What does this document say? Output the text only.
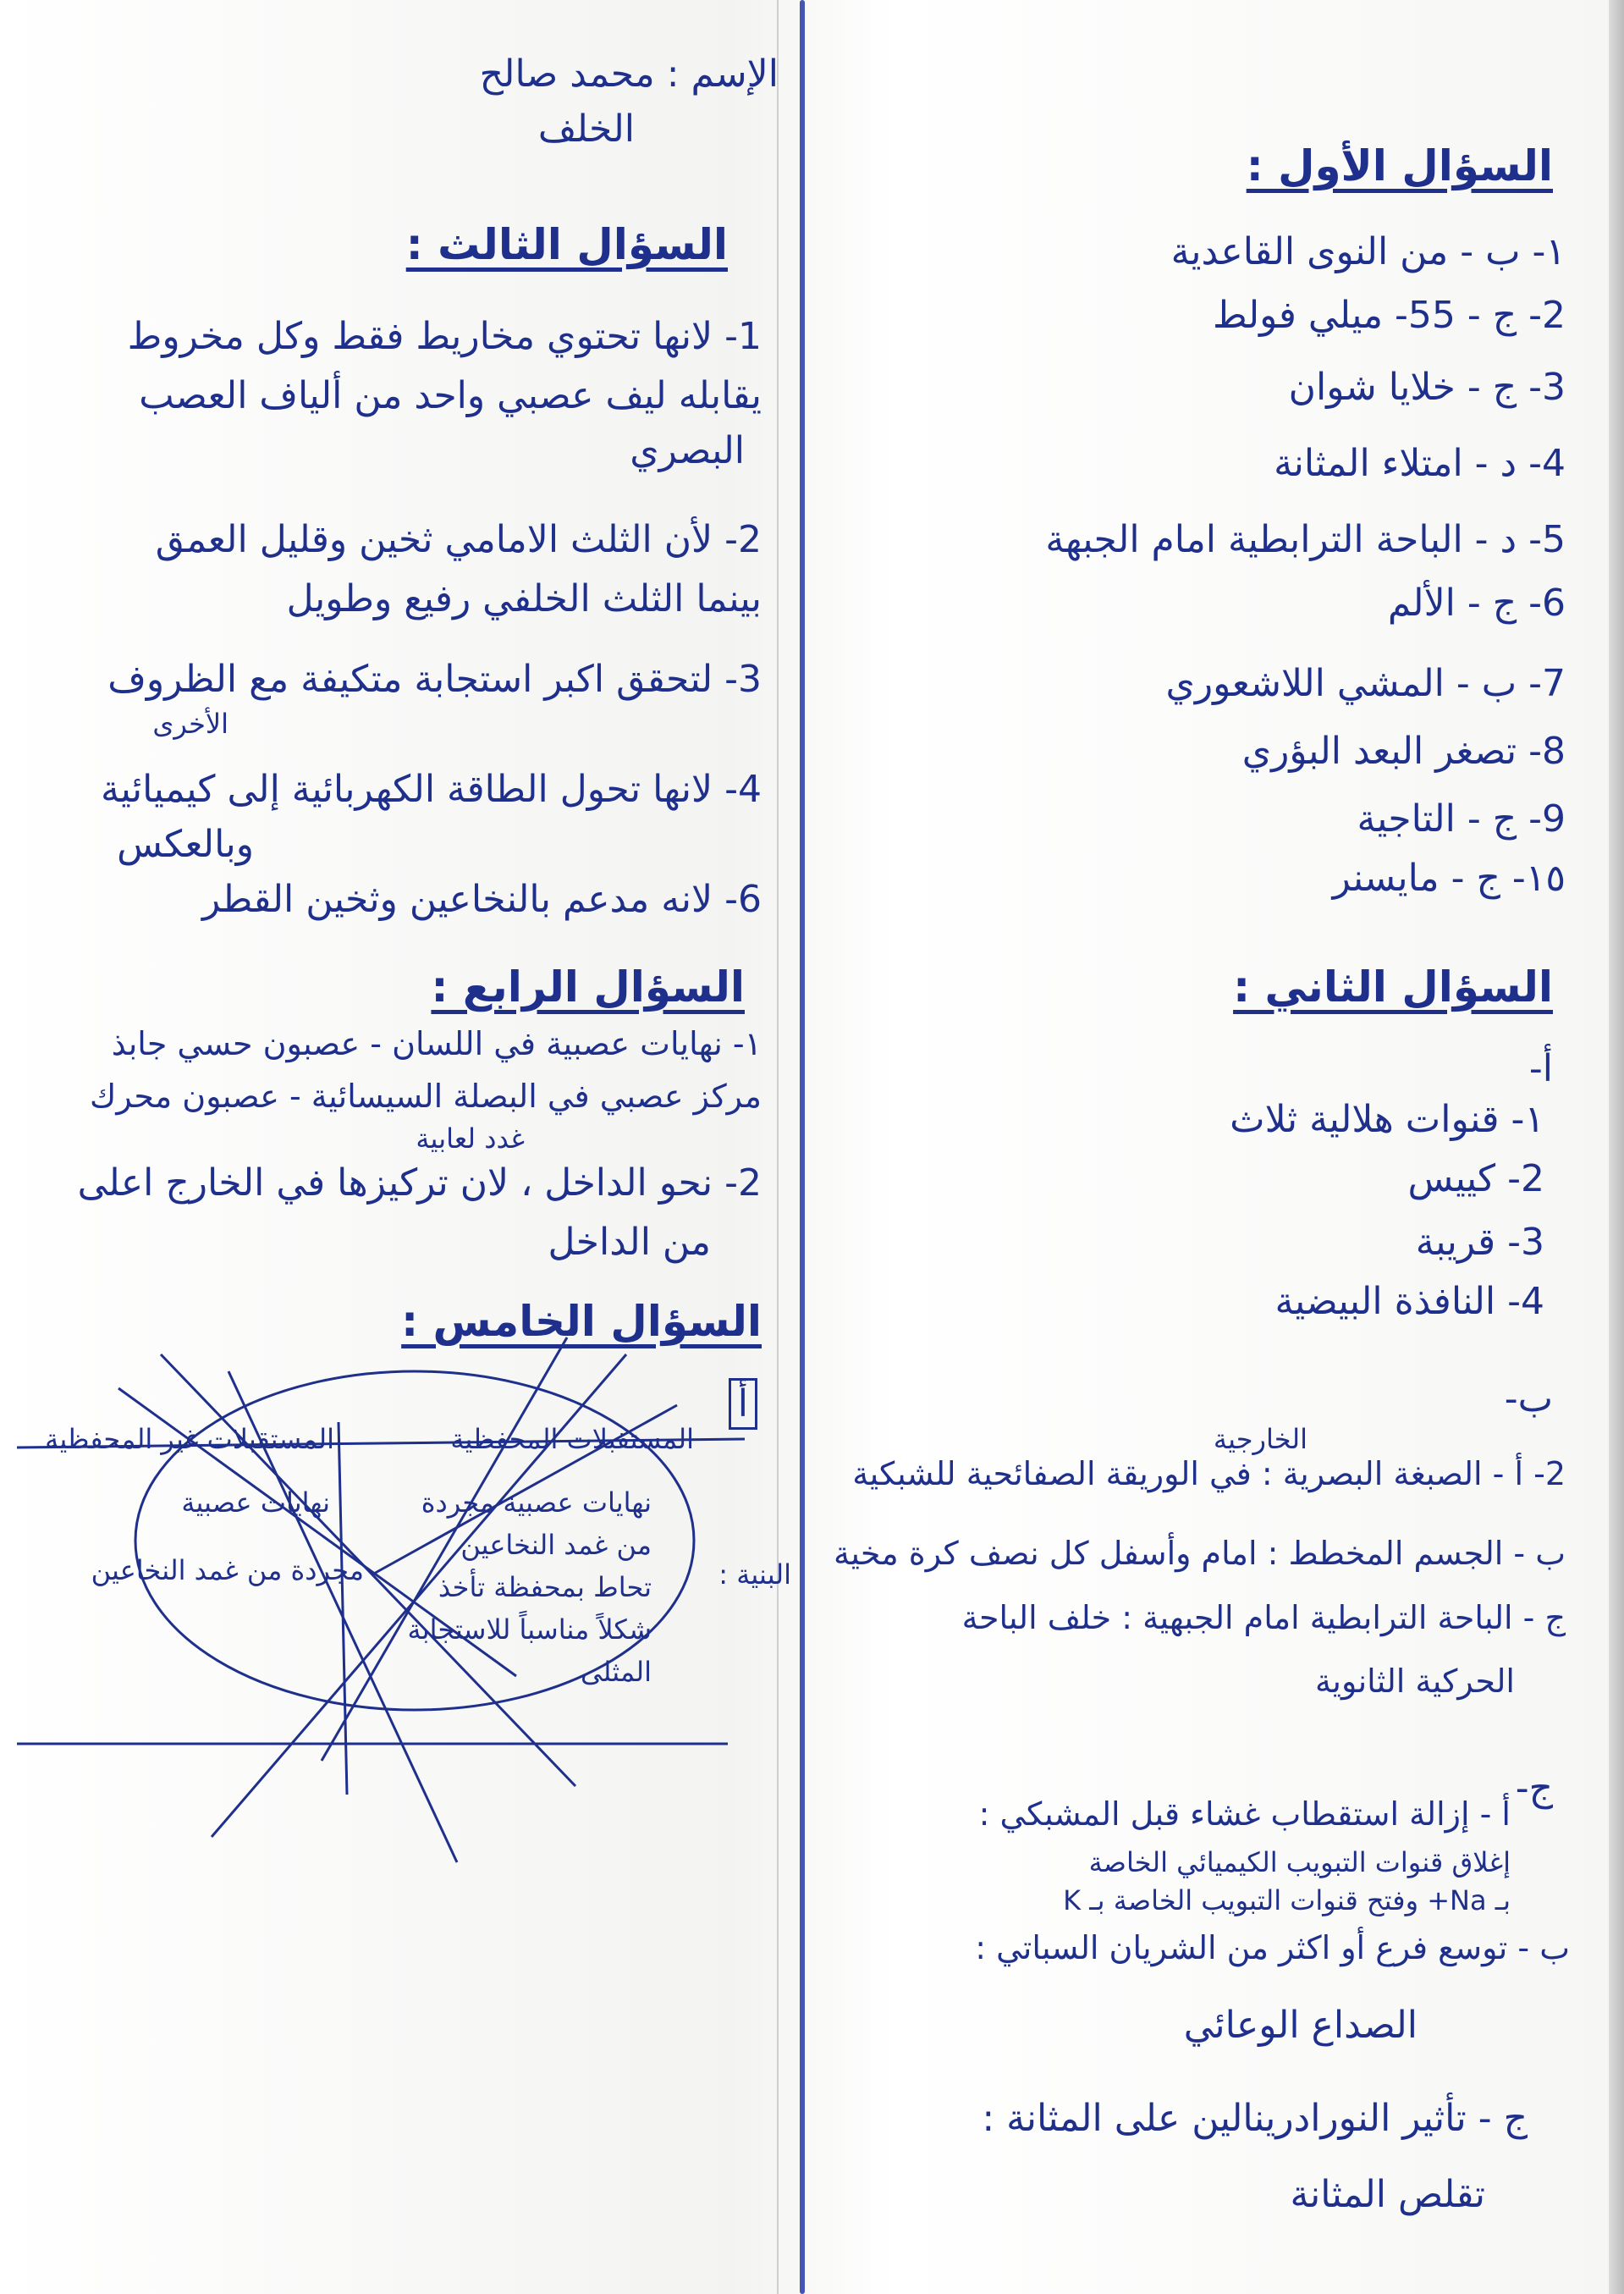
السؤال الأول :
١- ب - من النوى القاعدية
2- ج - 55- ميلي فولط
3- ج - خلايا شوان
4- د - امتلاء المثانة
5- د - الباحة الترابطية امام الجبهة
6- ج - الألم
7- ب - المشي اللاشعوري
8- تصغر البعد البؤري
9- ج - التاجية
١٥- ج - مايسنر
السؤال الثاني :
أ-
١- قنوات هلالية ثلاث
2- كييس
3- قريبة
4- النافذة البيضية
ب-
الخارجية
2- أ - الصبغة البصرية : في الوريقة الصفائحية للشبكية
ب - الجسم المخطط : امام وأسفل كل نصف كرة مخية
ج - الباحة الترابطية امام الجبهية : خلف الباحة
الحركية الثانوية
ج-
أ - إزالة استقطاب غشاء قبل المشبكي :
إغلاق قنوات التبويب الكيميائي الخاصة
بـ Na+ وفتح قنوات التبويب الخاصة بـ K
ب - توسع فرع أو اكثر من الشريان السباتي :
الصداع الوعائي
ج - تأثير النورادرينالين على المثانة :
تقلص المثانة
الإسم : محمد صالح
الخلف
السؤال الثالث :
1- لانها تحتوي مخاريط فقط وكل مخروط
يقابله ليف عصبي واحد من ألياف العصب
البصري
2- لأن الثلث الامامي ثخين وقليل العمق
بينما الثلث الخلفي رفيع وطويل
3- لتحقق اكبر استجابة متكيفة مع الظروف
الأخرى
4- لانها تحول الطاقة الكهربائية إلى كيميائية
وبالعكس
6- لانه مدعم بالنخاعين وثخين القطر
السؤال الرابع :
١- نهايات عصبية في اللسان - عصبون حسي جابذ
مركز عصبي في البصلة السيسائية - عصبون محرك
غدد لعابية
2- نحو الداخل ، لان تركيزها في الخارج اعلى
من الداخل
السؤال الخامس :
أ
المستقبلات المحفظية
المستقبلات غير المحفظية
البنية :
نهايات عصبية مجردة
من غمد النخاعين
تحاط بمحفظة تأخذ
شكلاً مناسباً للاستجابة
المثلى
نهايات عصبية
مجردة من غمد النخاعين
